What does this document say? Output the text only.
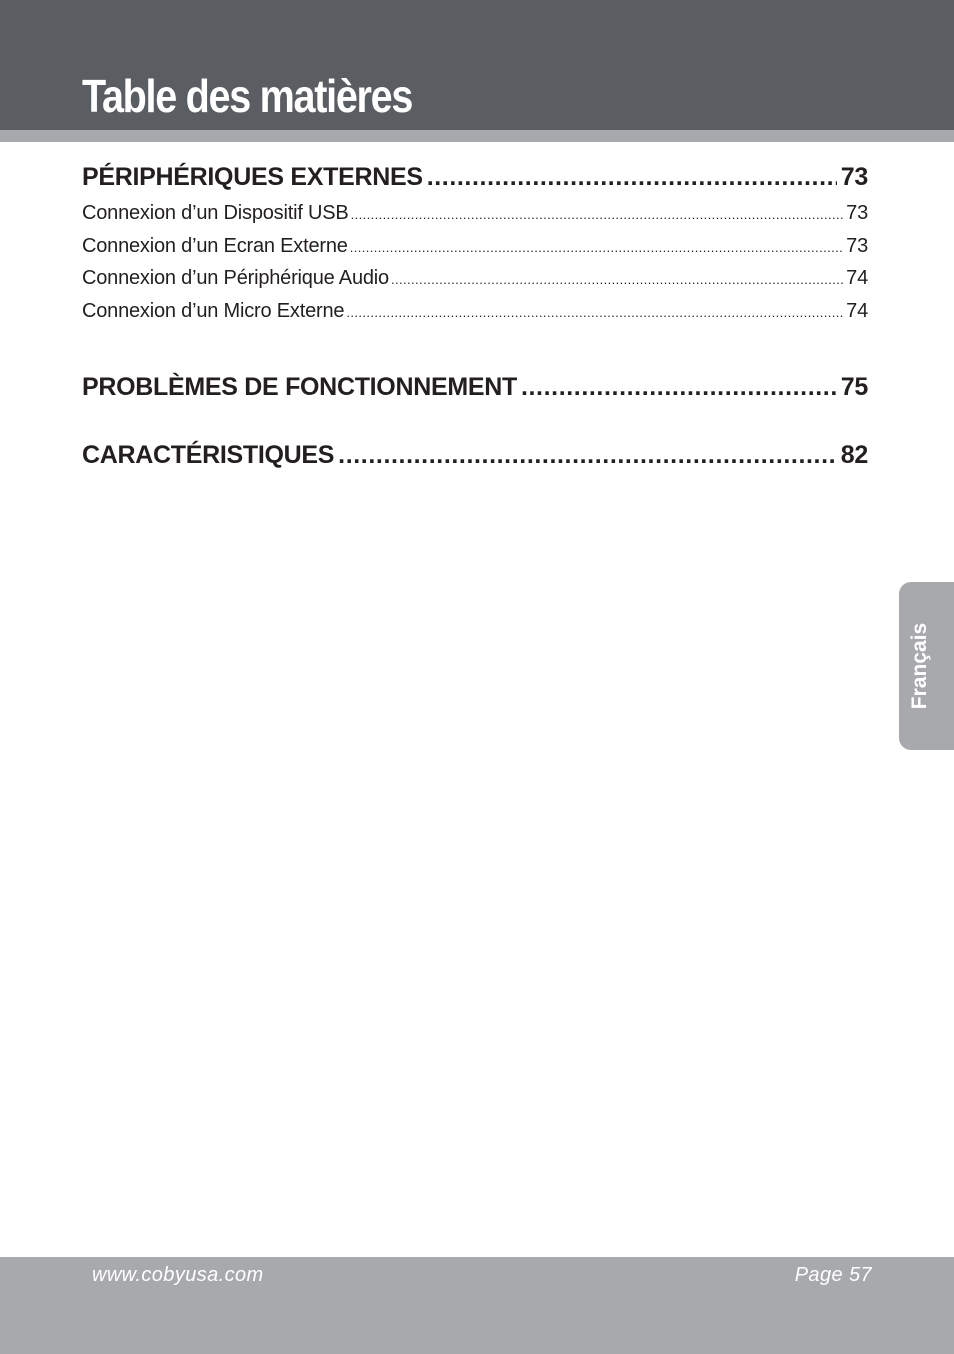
Table des matières
PÉRIPHÉRIQUES EXTERNES .....	73
Connexion d’un Dispositif USB .....	73
Connexion d’un Ecran Externe .....	73
Connexion d’un Périphérique Audio .....	74
Connexion d’un Micro Externe .....	74
PROBLÈMES DE FONCTIONNEMENT .....	75
CARACTÉRISTIQUES .....	82
Français
www.cobyusa.com	Page 57
